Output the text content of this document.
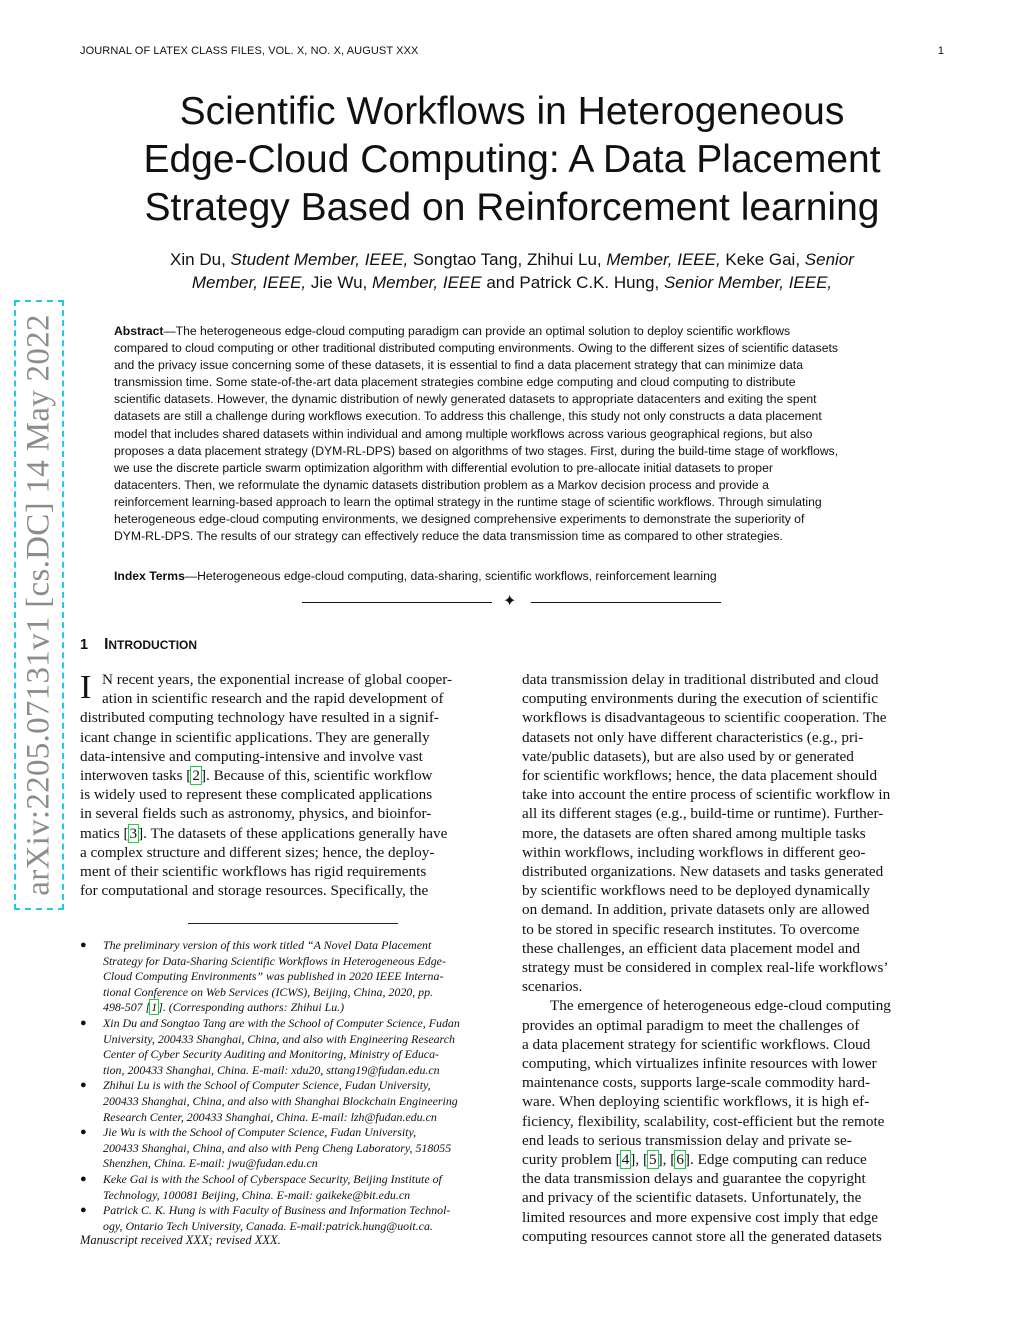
JOURNAL OF LATEX CLASS FILES, VOL. X, NO. X, AUGUST XXX	1
Scientific Workflows in Heterogeneous
Edge-Cloud Computing: A Data Placement
Strategy Based on Reinforcement learning
Xin Du, Student Member, IEEE, Songtao Tang, Zhihui Lu, Member, IEEE, Keke Gai, Senior
Member, IEEE, Jie Wu, Member, IEEE and Patrick C.K. Hung, Senior Member, IEEE,
Abstract—The heterogeneous edge-cloud computing paradigm can provide an optimal solution to deploy scientific workflows
compared to cloud computing or other traditional distributed computing environments. Owing to the different sizes of scientific datasets
and the privacy issue concerning some of these datasets, it is essential to find a data placement strategy that can minimize data
transmission time. Some state-of-the-art data placement strategies combine edge computing and cloud computing to distribute
scientific datasets. However, the dynamic distribution of newly generated datasets to appropriate datacenters and exiting the spent
datasets are still a challenge during workflows execution. To address this challenge, this study not only constructs a data placement
model that includes shared datasets within individual and among multiple workflows across various geographical regions, but also
proposes a data placement strategy (DYM-RL-DPS) based on algorithms of two stages. First, during the build-time stage of workflows,
we use the discrete particle swarm optimization algorithm with differential evolution to pre-allocate initial datasets to proper
datacenters. Then, we reformulate the dynamic datasets distribution problem as a Markov decision process and provide a
reinforcement learning-based approach to learn the optimal strategy in the runtime stage of scientific workflows. Through simulating
heterogeneous edge-cloud computing environments, we designed comprehensive experiments to demonstrate the superiority of
DYM-RL-DPS. The results of our strategy can effectively reduce the data transmission time as compared to other strategies.
Index Terms—Heterogeneous edge-cloud computing, data-sharing, scientific workflows, reinforcement learning
✦
1 INTRODUCTION
I N recent years, the exponential increase of global cooper-
ation in scientific research and the rapid development of
distributed computing technology have resulted in a signif-
icant change in scientific applications. They are generally
data-intensive and computing-intensive and involve vast
interwoven tasks [2]. Because of this, scientific workflow
is widely used to represent these complicated applications
in several fields such as astronomy, physics, and bioinfor-
matics [3]. The datasets of these applications generally have
a complex structure and different sizes; hence, the deploy-
ment of their scientific workflows has rigid requirements
for computational and storage resources. Specifically, the
data transmission delay in traditional distributed and cloud
computing environments during the execution of scientific
workflows is disadvantageous to scientific cooperation. The
datasets not only have different characteristics (e.g., pri-
vate/public datasets), but are also used by or generated
for scientific workflows; hence, the data placement should
take into account the entire process of scientific workflow in
all its different stages (e.g., build-time or runtime). Further-
more, the datasets are often shared among multiple tasks
within workflows, including workflows in different geo-
distributed organizations. New datasets and tasks generated
by scientific workflows need to be deployed dynamically
on demand. In addition, private datasets only are allowed
to be stored in specific research institutes. To overcome
these challenges, an efficient data placement model and
strategy must be considered in complex real-life workflows’
scenarios.
The emergence of heterogeneous edge-cloud computing
provides an optimal paradigm to meet the challenges of
a data placement strategy for scientific workflows. Cloud
computing, which virtualizes infinite resources with lower
maintenance costs, supports large-scale commodity hard-
ware. When deploying scientific workflows, it is high ef-
ficiency, flexibility, scalability, cost-efficient but the remote
end leads to serious transmission delay and private se-
curity problem [4], [5], [6]. Edge computing can reduce
the data transmission delays and guarantee the copyright
and privacy of the scientific datasets. Unfortunately, the
limited resources and more expensive cost imply that edge
computing resources cannot store all the generated datasets
● The preliminary version of this work titled “A Novel Data Placement
Strategy for Data-Sharing Scientific Workflows in Heterogeneous Edge-
Cloud Computing Environments” was published in 2020 IEEE Interna-
tional Conference on Web Services (ICWS), Beijing, China, 2020, pp.
498-507 [1]. (Corresponding authors: Zhihui Lu.)
● Xin Du and Songtao Tang are with the School of Computer Science, Fudan
University, 200433 Shanghai, China, and also with Engineering Research
Center of Cyber Security Auditing and Monitoring, Ministry of Educa-
tion, 200433 Shanghai, China. E-mail: xdu20, sttang19@fudan.edu.cn
● Zhihui Lu is with the School of Computer Science, Fudan University,
200433 Shanghai, China, and also with Shanghai Blockchain Engineering
Research Center, 200433 Shanghai, China. E-mail: lzh@fudan.edu.cn
● Jie Wu is with the School of Computer Science, Fudan University,
200433 Shanghai, China, and also with Peng Cheng Laboratory, 518055
Shenzhen, China. E-mail: jwu@fudan.edu.cn
● Keke Gai is with the School of Cyberspace Security, Beijing Institute of
Technology, 100081 Beijing, China. E-mail: gaikeke@bit.edu.cn
● Patrick C. K. Hung is with Faculty of Business and Information Technol-
ogy, Ontario Tech University, Canada. E-mail:patrick.hung@uoit.ca.
Manuscript received XXX; revised XXX.
arXiv:2205.07131v1 [cs.DC] 14 May 2022
